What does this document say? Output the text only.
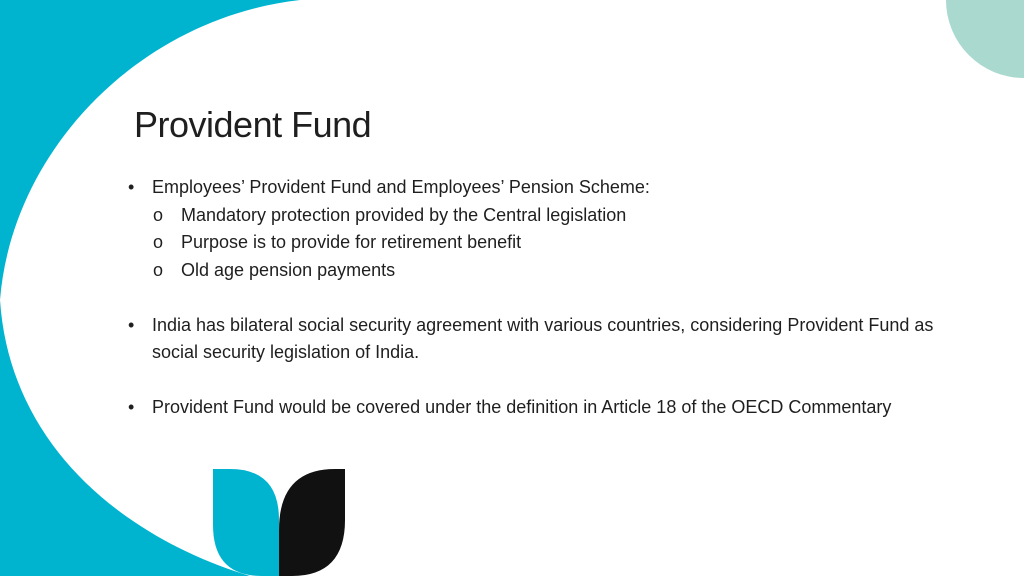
Provident Fund
• Employees’ Provident Fund and Employees’ Pension Scheme:
o Mandatory protection provided by the Central legislation
o Purpose is to provide for retirement benefit
o Old age pension payments
• India has bilateral social security agreement with various countries, considering Provident Fund as social security legislation of India.
• Provident Fund would be covered under the definition in Article 18 of the OECD Commentary
